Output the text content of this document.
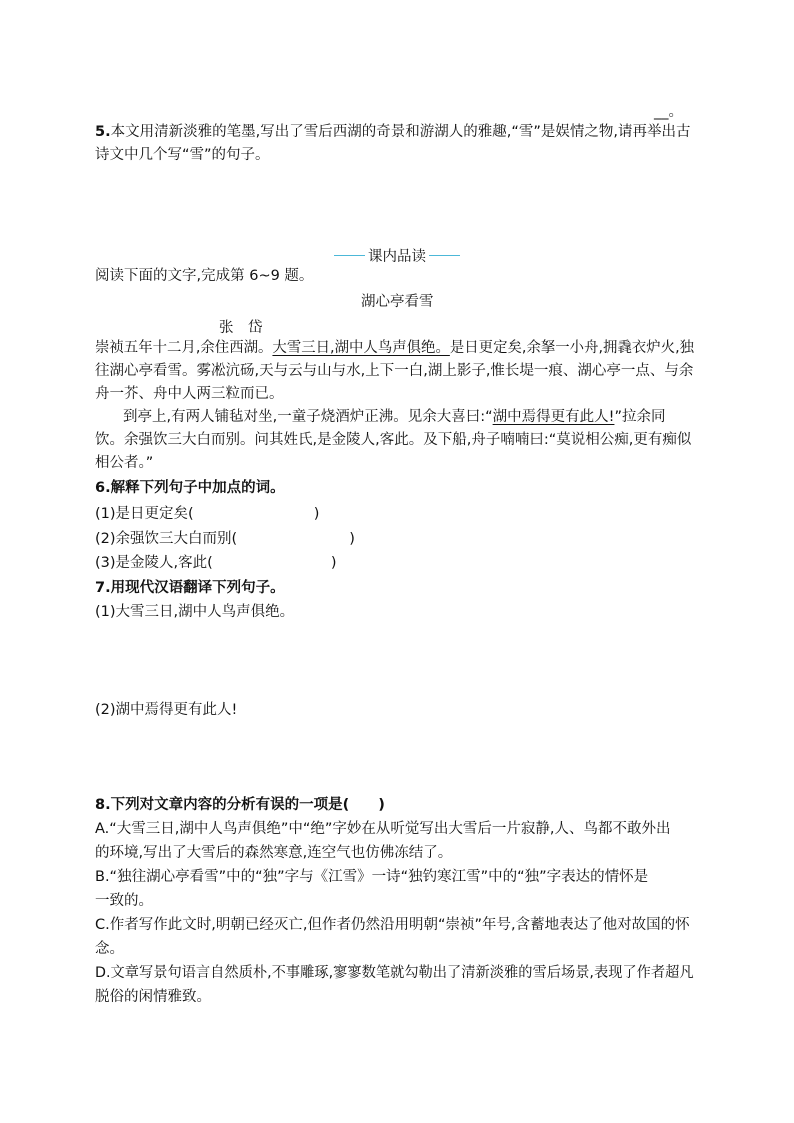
__。
5.本文用清新淡雅的笔墨,写出了雪后西湖的奇景和游湖人的雅趣,“雪”是娱情之物,请再举出古
诗文中几个写“雪”的句子。
课内品读
阅读下面的文字,完成第 6~9 题。
湖心亭看雪
张　岱
崇祯五年十二月,余住西湖。大雪三日,湖中人鸟声俱绝。是日更定矣,余拏一小舟,拥毳衣炉火,独
往湖心亭看雪。雾凇沆砀,天与云与山与水,上下一白,湖上影子,惟长堤一痕、湖心亭一点、与余
舟一芥、舟中人两三粒而已。
到亭上,有两人铺毡对坐,一童子烧酒炉正沸。见余大喜曰:“湖中焉得更有此人!”拉余同
饮。余强饮三大白而别。问其姓氏,是金陵人,客此。及下船,舟子喃喃曰:“莫说相公痴,更有痴似
相公者。”
6.解释下列句子中加点的词。
(1)是日更定矣(	)
(2)余强饮三大白而别(	)
(3)是金陵人,客此(	)
7.用现代汉语翻译下列句子。
(1)大雪三日,湖中人鸟声俱绝。
(2)湖中焉得更有此人!
8.下列对文章内容的分析有误的一项是(　　)
A.“大雪三日,湖中人鸟声俱绝”中“绝”字妙在从听觉写出大雪后一片寂静,人、鸟都不敢外出
的环境,写出了大雪后的森然寒意,连空气也仿佛冻结了。
B.“独往湖心亭看雪”中的“独”字与《江雪》一诗“独钓寒江雪”中的“独”字表达的情怀是
一致的。
C.作者写作此文时,明朝已经灭亡,但作者仍然沿用明朝“崇祯”年号,含蓄地表达了他对故国的怀
念。
D.文章写景句语言自然质朴,不事雕琢,寥寥数笔就勾勒出了清新淡雅的雪后场景,表现了作者超凡
脱俗的闲情雅致。
